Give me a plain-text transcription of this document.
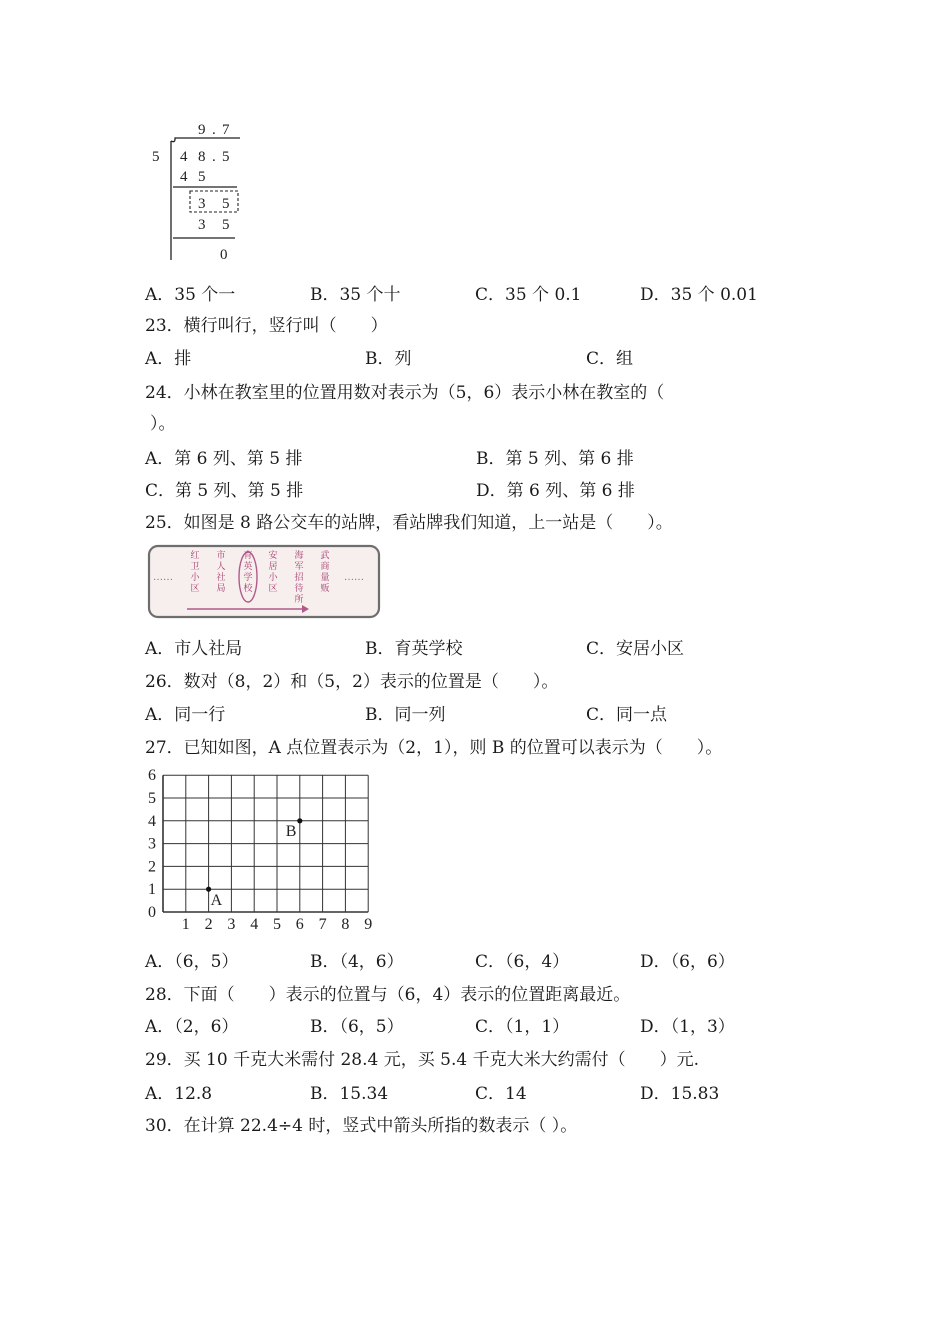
9 . 7
5 4 8 . 5
4 5
3 5
3 5
0
A．35 个一	B．35 个十	C．35 个 0.1	D．35 个 0.01
23．横行叫行，竖行叫（　　）
A．排	B．列	C．组
24．小林在教室里的位置用数对表示为（5，6）表示小林在教室的（
）。
A．第 6 列、第 5 排	B．第 5 列、第 6 排
C．第 5 列、第 5 排	D．第 6 列、第 6 排
25．如图是 8 路公交车的站牌，看站牌我们知道，上一站是（　　）。
……	……
红卫小区
市人社局
育英学校
安居小区
海军招待所
武商量贩
A．市人社局	B．育英学校	C．安居小区
26．数对（8，2）和（5，2）表示的位置是（　　）。
A．同一行	B．同一列	C．同一点
27．已知如图，A 点位置表示为（2，1），则 B 的位置可以表示为（　　）。
1 2 3 4 5 6 7 8 9
0
1
2
3
4
5
6
A
B
A．（6，5）	B．（4，6）	C．（6，4）	D．（6，6）
28．下面（　　）表示的位置与（6，4）表示的位置距离最近。
A．（2，6）	B．（6，5）	C．（1，1）	D．（1，3）
29．买 10 千克大米需付 28.4 元，买 5.4 千克大米大约需付（　　）元.
A．12.8	B．15.34	C．14	D．15.83
30．在计算 22.4÷4 时，竖式中箭头所指的数表示（ ）。
